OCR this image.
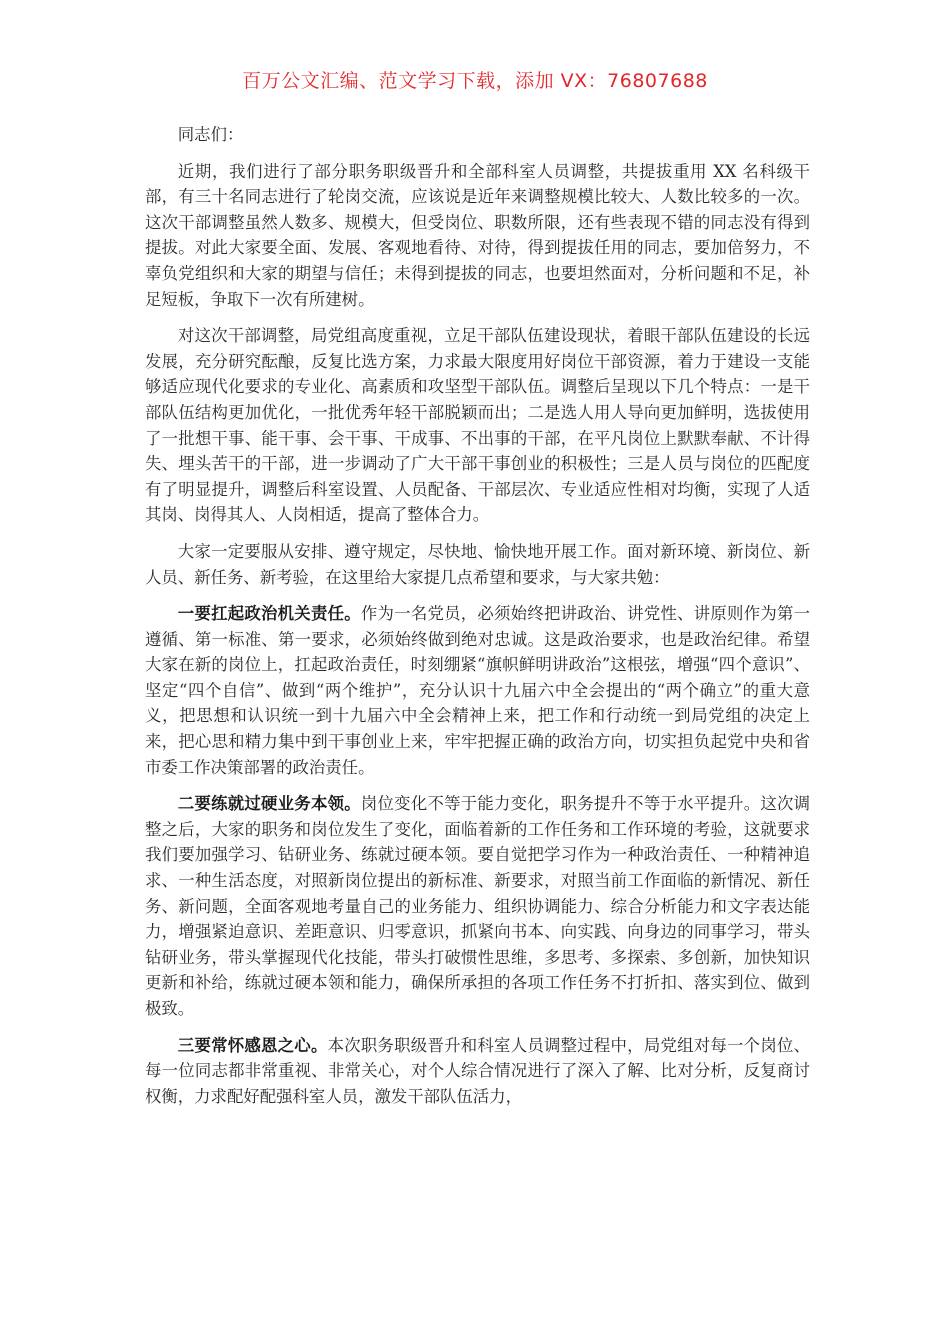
百万公文汇编、范文学习下载，添加 VX：76807688

同志们：

近期，我们进行了部分职务职级晋升和全部科室人员调整，共提拔重用 XX 名科级干部，有三十名同志进行了轮岗交流，应该说是近年来调整规模比较大、人数比较多的一次。这次干部调整虽然人数多、规模大，但受岗位、职数所限，还有些表现不错的同志没有得到提拔。对此大家要全面、发展、客观地看待、对待，得到提拔任用的同志，要加倍努力，不辜负党组织和大家的期望与信任；未得到提拔的同志，也要坦然面对，分析问题和不足，补足短板，争取下一次有所建树。

对这次干部调整，局党组高度重视，立足干部队伍建设现状，着眼干部队伍建设的长远发展，充分研究酝酿，反复比选方案，力求最大限度用好岗位干部资源，着力于建设一支能够适应现代化要求的专业化、高素质和攻坚型干部队伍。调整后呈现以下几个特点：一是干部队伍结构更加优化，一批优秀年轻干部脱颖而出；二是选人用人导向更加鲜明，选拔使用了一批想干事、能干事、会干事、干成事、不出事的干部，在平凡岗位上默默奉献、不计得失、埋头苦干的干部，进一步调动了广大干部干事创业的积极性；三是人员与岗位的匹配度有了明显提升，调整后科室设置、人员配备、干部层次、专业适应性相对均衡，实现了人适其岗、岗得其人、人岗相适，提高了整体合力。

大家一定要服从安排、遵守规定，尽快地、愉快地开展工作。面对新环境、新岗位、新人员、新任务、新考验，在这里给大家提几点希望和要求，与大家共勉：

一要扛起政治机关责任。作为一名党员，必须始终把讲政治、讲党性、讲原则作为第一遵循、第一标准、第一要求，必须始终做到绝对忠诚。这是政治要求，也是政治纪律。希望大家在新的岗位上，扛起政治责任，时刻绷紧“旗帜鲜明讲政治”这根弦，增强“四个意识”、坚定“四个自信”、做到“两个维护”，充分认识十九届六中全会提出的“两个确立”的重大意义，把思想和认识统一到十九届六中全会精神上来，把工作和行动统一到局党组的决定上来，把心思和精力集中到干事创业上来，牢牢把握正确的政治方向，切实担负起党中央和省市委工作决策部署的政治责任。

二要练就过硬业务本领。岗位变化不等于能力变化，职务提升不等于水平提升。这次调整之后，大家的职务和岗位发生了变化，面临着新的工作任务和工作环境的考验，这就要求我们要加强学习、钻研业务、练就过硬本领。要自觉把学习作为一种政治责任、一种精神追求、一种生活态度，对照新岗位提出的新标准、新要求，对照当前工作面临的新情况、新任务、新问题，全面客观地考量自己的业务能力、组织协调能力、综合分析能力和文字表达能力，增强紧迫意识、差距意识、归零意识，抓紧向书本、向实践、向身边的同事学习，带头钻研业务，带头掌握现代化技能，带头打破惯性思维，多思考、多探索、多创新，加快知识更新和补给，练就过硬本领和能力，确保所承担的各项工作任务不打折扣、落实到位、做到极致。

三要常怀感恩之心。本次职务职级晋升和科室人员调整过程中，局党组对每一个岗位、每一位同志都非常重视、非常关心，对个人综合情况进行了深入了解、比对分析，反复商讨权衡，力求配好配强科室人员，激发干部队伍活力，
